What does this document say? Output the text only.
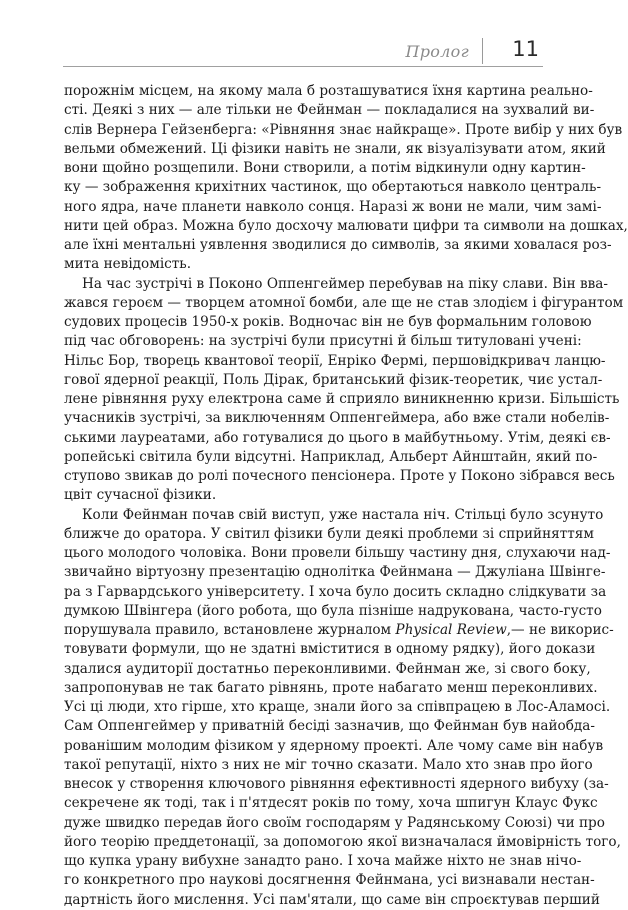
Пролог 11
порожнім місцем, на якому мала б розташуватися їхня картина реально-
сті. Деякі з них — але тільки не Фейнман — покладалися на зухвалий ви-
слів Вернера Гейзенберга: «Рівняння знає найкраще». Проте вибір у них був
вельми обмежений. Ці фізики навіть не знали, як візуалізувати атом, який
вони щойно розщепили. Вони створили, а потім відкинули одну картин-
ку — зображення крихітних частинок, що обертаються навколо централь-
ного ядра, наче планети навколо сонця. Наразі ж вони не мали, чим замі-
нити цей образ. Можна було досхочу малювати цифри та символи на дошках,
але їхні ментальні уявлення зводилися до символів, за якими ховалася роз-
мита невідомість.
На час зустрічі в Поконо Оппенгеймер перебував на піку слави. Він вва-
жався героєм — творцем атомної бомби, але ще не став злодієм і фігурантом
судових процесів 1950-х років. Водночас він не був формальним головою
під час обговорень: на зустрічі були присутні й більш титуловані учені:
Нільс Бор, творець квантової теорії, Енріко Фермі, першовідкривач ланцю-
гової ядерної реакції, Поль Дірак, британський фізик-теоретик, чиє устал-
лене рівняння руху електрона саме й сприяло виникненню кризи. Більшість
учасників зустрічі, за виключенням Оппенгеймера, або вже стали нобелів-
ськими лауреатами, або готувалися до цього в майбутньому. Утім, деякі єв-
ропейські світила були відсутні. Наприклад, Альберт Айнштайн, який по-
ступово звикав до ролі почесного пенсіонера. Проте у Поконо зібрався весь
цвіт сучасної фізики.
Коли Фейнман почав свій виступ, уже настала ніч. Стільці було зсунуто
ближче до оратора. У світил фізики були деякі проблеми зі сприйняттям
цього молодого чоловіка. Вони провели більшу частину дня, слухаючи над-
звичайно віртуозну презентацію однолітка Фейнмана — Джуліана Швінге-
ра з Гарвардського університету. І хоча було досить складно слідкувати за
думкою Швінгера (його робота, що була пізніше надрукована, часто-густо
порушувала правило, встановлене журналом Physical Review,— не викорис-
товувати формули, що не здатні вміститися в одному рядку), його докази
здалися аудиторії достатньо переконливими. Фейнман же, зі свого боку,
запропонував не так багато рівнянь, проте набагато менш переконливих.
Усі ці люди, хто гірше, хто краще, знали його за співпрацею в Лос-Аламосі.
Сам Оппенгеймер у приватній бесіді зазначив, що Фейнман був найобда-
рованішим молодим фізиком у ядерному проекті. Але чому саме він набув
такої репутації, ніхто з них не міг точно сказати. Мало хто знав про його
внесок у створення ключового рівняння ефективності ядерного вибуху (за-
секречене як тоді, так і п'ятдесят років по тому, хоча шпигун Клаус Фукс
дуже швидко передав його своїм господарям у Радянському Союзі) чи про
його теорію преддетонації, за допомогою якої визначалася ймовірність того,
що купка урану вибухне занадто рано. І хоча майже ніхто не знав нічо-
го конкретного про наукові досягнення Фейнмана, усі визнавали нестан-
дартність його мислення. Усі пам'ятали, що саме він спроєктував перший
